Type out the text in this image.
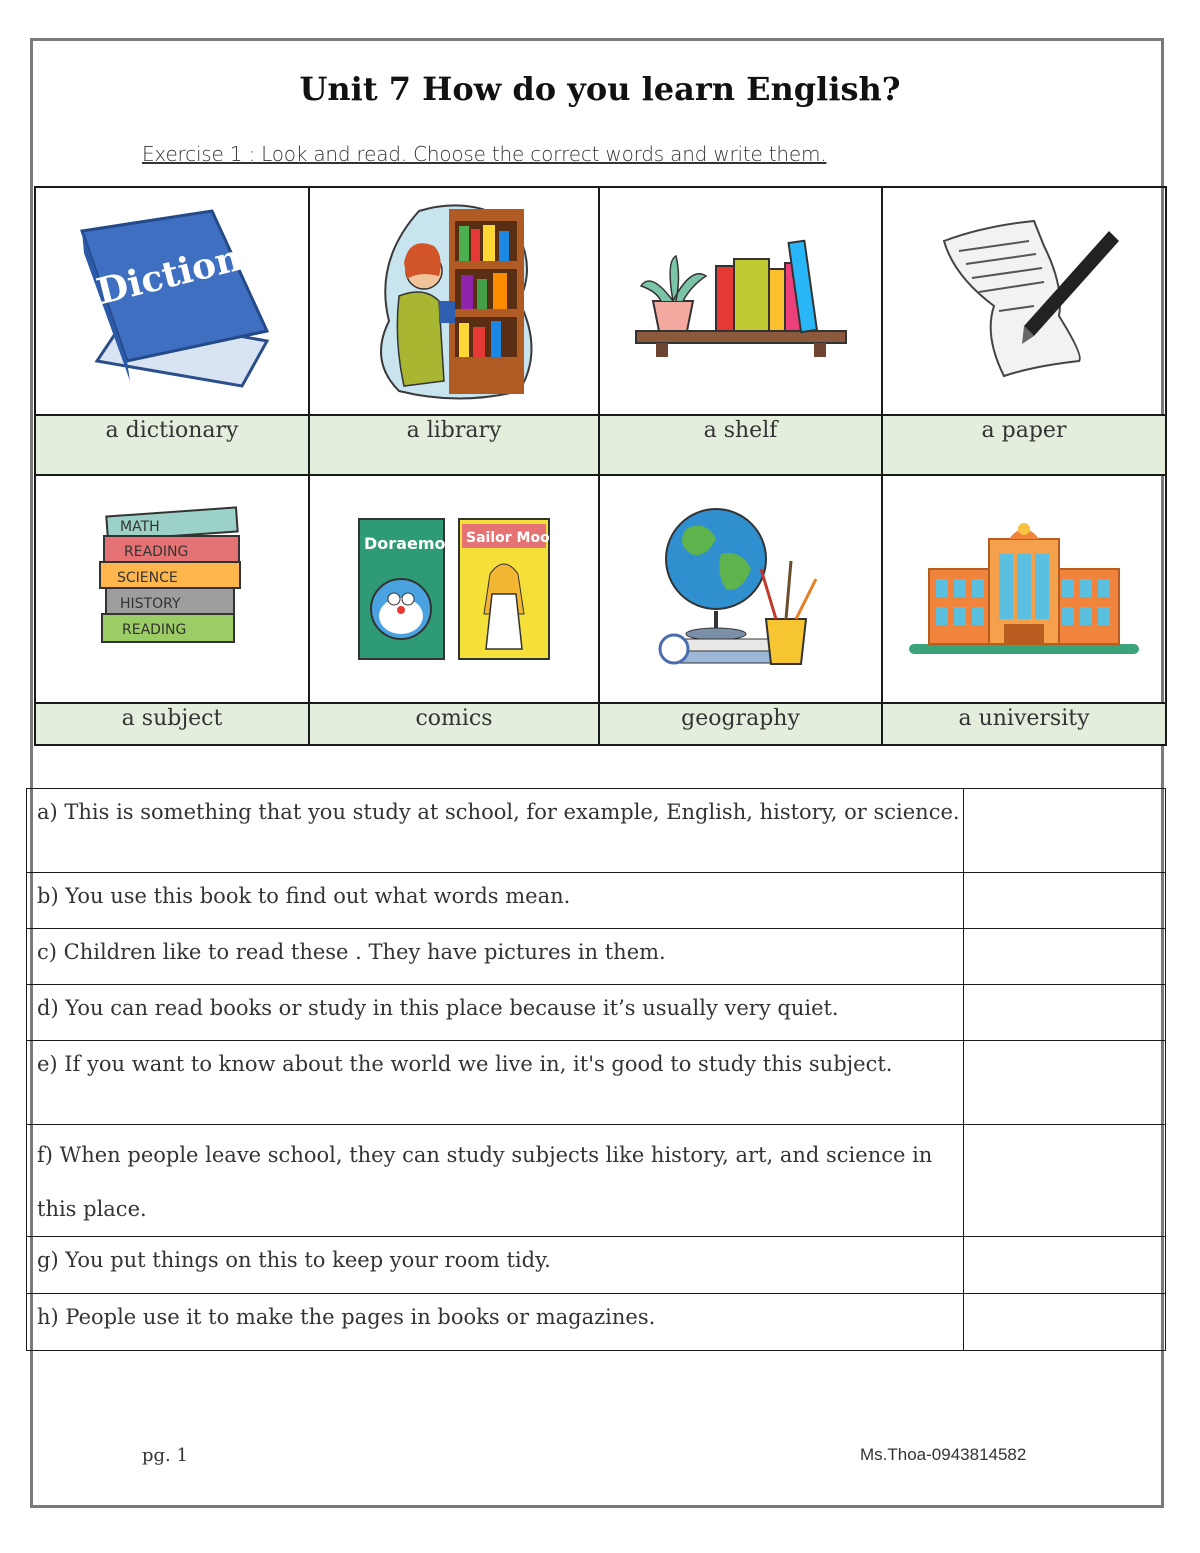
Unit 7 How do you learn English?
Exercise 1 : Look and read. Choose the correct words and write them.
Dictionary

a dictionary	a library	a shelf	a paper

MATH
READING
SCIENCE
HISTORY
READING	Doraemon Sailor Moon

a subject	comics	geography	a university
a) This is something that you study at school, for example, English, history, or science.	
b) You use this book to find out what words mean.	
c) Children like to read these . They have pictures in them.	
d) You can read books or study in this place because it’s usually very quiet.	
e) If you want to know about the world we live in, it's good to study this subject.	
f) When people leave school, they can study subjects like history, art, and science in this place.	
g) You put things on this to keep your room tidy.	
h) People use it to make the pages in books or magazines.	
pg. 1	Ms.Thoa-0943814582
